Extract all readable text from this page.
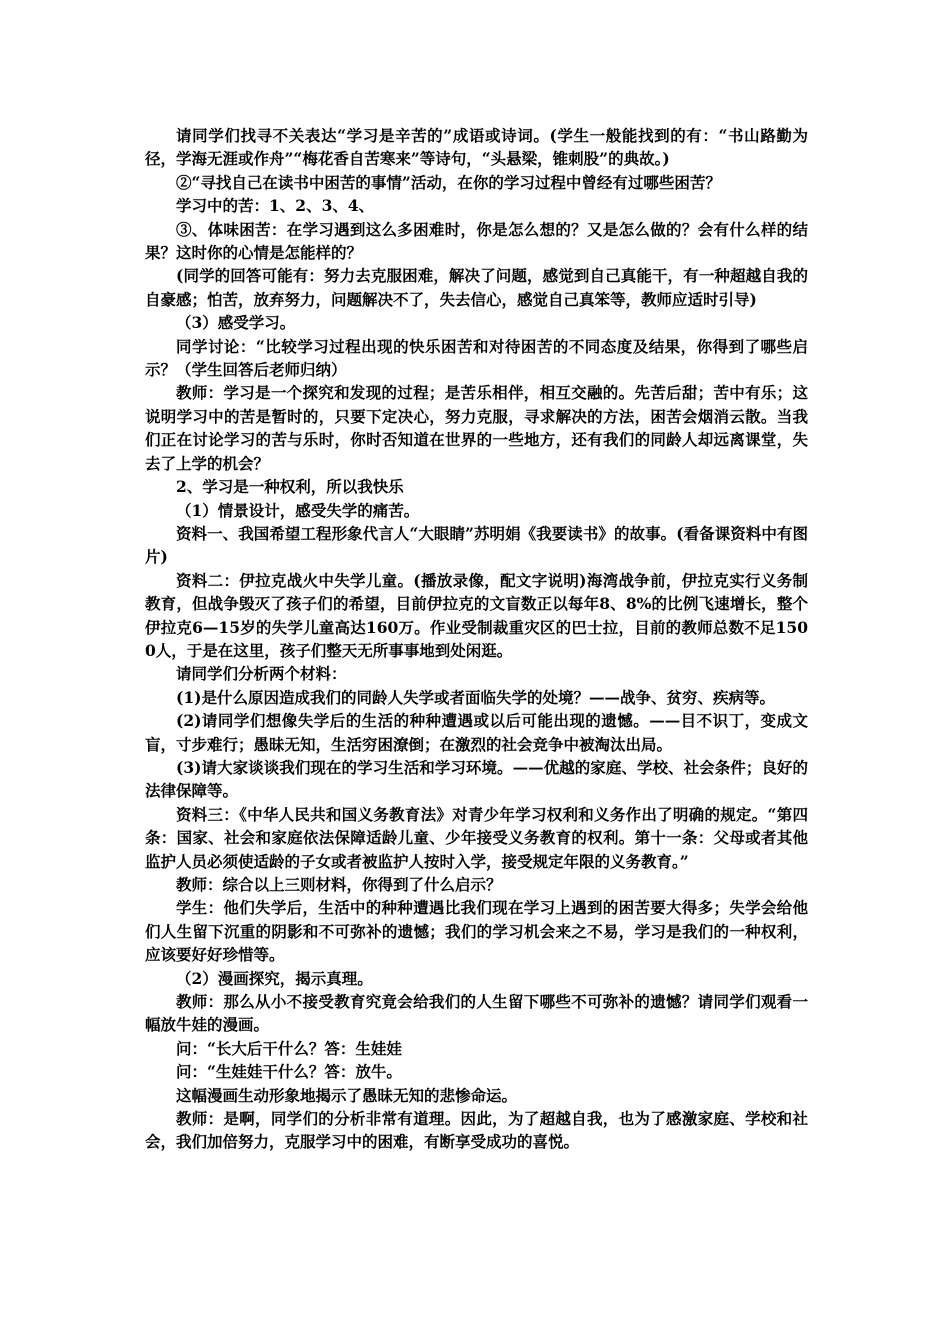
请同学们找寻不关表达“学习是辛苦的”成语或诗词。(学生一般能找到的有：“书山路勤为径，学海无涯或作舟”“梅花香自苦寒来”等诗句，“头悬梁，锥刺股”的典故。)

②“寻找自己在读书中困苦的事情”活动，在你的学习过程中曾经有过哪些困苦？

学习中的苦：1、2、3、4、

③、体味困苦：在学习遇到这么多困难时，你是怎么想的？又是怎么做的？会有什么样的结果？这时你的心情是怎能样的？

(同学的回答可能有：努力去克服困难，解决了问题，感觉到自己真能干，有一种超越自我的自豪感；怕苦，放弃努力，问题解决不了，失去信心，感觉自己真笨等，教师应适时引导)

（3）感受学习。

同学讨论：“比较学习过程出现的快乐困苦和对待困苦的不同态度及结果，你得到了哪些启示？（学生回答后老师归纳）

教师：学习是一个探究和发现的过程；是苦乐相伴，相互交融的。先苦后甜；苦中有乐；这说明学习中的苦是暂时的，只要下定决心，努力克服，寻求解决的方法，困苦会烟消云散。当我们正在讨论学习的苦与乐时，你时否知道在世界的一些地方，还有我们的同龄人却远离课堂，失去了上学的机会？

2、学习是一种权利，所以我快乐

（1）情景设计，感受失学的痛苦。

资料一、我国希望工程形象代言人“大眼睛”苏明娟《我要读书》的故事。(看备课资料中有图片)

资料二：伊拉克战火中失学儿童。(播放录像，配文字说明)海湾战争前，伊拉克实行义务制教育，但战争毁灭了孩子们的希望，目前伊拉克的文盲数正以每年8、8%的比例飞速增长，整个伊拉克6—15岁的失学儿童高达160万。作业受制裁重灾区的巴士拉，目前的教师总数不足1500人，于是在这里，孩子们整天无所事事地到处闲逛。

请同学们分析两个材料：

(1)是什么原因造成我们的同龄人失学或者面临失学的处境？——战争、贫穷、疾病等。

(2)请同学们想像失学后的生活的种种遭遇或以后可能出现的遗憾。——目不识丁，变成文盲，寸步难行；愚昧无知，生活穷困潦倒；在激烈的社会竞争中被淘汰出局。

(3)请大家谈谈我们现在的学习生活和学习环境。——优越的家庭、学校、社会条件；良好的法律保障等。

资料三：《中华人民共和国义务教育法》对青少年学习权利和义务作出了明确的规定。“第四条：国家、社会和家庭依法保障适龄儿童、少年接受义务教育的权利。第十一条：父母或者其他监护人员必须使适龄的子女或者被监护人按时入学，接受规定年限的义务教育。”

教师：综合以上三则材料，你得到了什么启示？

学生：他们失学后，生活中的种种遭遇比我们现在学习上遇到的困苦要大得多；失学会给他们人生留下沉重的阴影和不可弥补的遗憾；我们的学习机会来之不易，学习是我们的一种权利，应该要好好珍惜等。

（2）漫画探究，揭示真理。

教师：那么从小不接受教育究竟会给我们的人生留下哪些不可弥补的遗憾？请同学们观看一幅放牛娃的漫画。

问：“长大后干什么？答：生娃娃

问：“生娃娃干什么？答：放牛。

这幅漫画生动形象地揭示了愚昧无知的悲惨命运。

教师：是啊，同学们的分析非常有道理。因此，为了超越自我，也为了感激家庭、学校和社会，我们加倍努力，克服学习中的困难，有断享受成功的喜悦。
